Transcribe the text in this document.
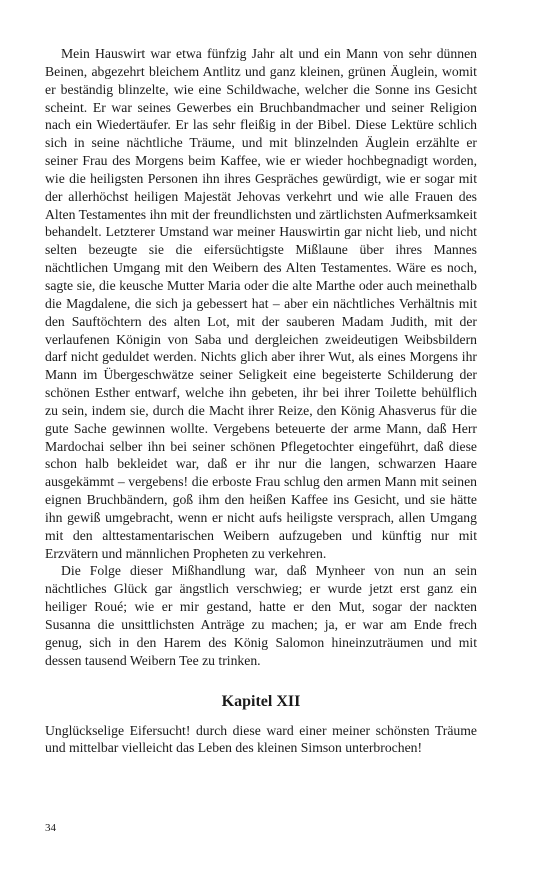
Mein Hauswirt war etwa fünfzig Jahr alt und ein Mann von sehr dünnen Beinen, abgezehrt bleichem Antlitz und ganz kleinen, grünen Äuglein, womit er beständig blinzelte, wie eine Schildwache, welcher die Sonne ins Gesicht scheint. Er war seines Gewerbes ein Bruchbandmacher und seiner Religion nach ein Wiedertäufer. Er las sehr fleißig in der Bibel. Diese Lektüre schlich sich in seine nächtliche Träume, und mit blinzelnden Äuglein erzählte er seiner Frau des Morgens beim Kaffee, wie er wieder hochbegnadigt worden, wie die heiligsten Personen ihn ihres Gespräches gewürdigt, wie er sogar mit der allerhöchst heiligen Majestät Jehovas verkehrt und wie alle Frauen des Alten Testamentes ihn mit der freundlichsten und zärtlichsten Aufmerksamkeit behandelt. Letzterer Umstand war meiner Hauswirtin gar nicht lieb, und nicht selten bezeugte sie die eifersüchtigste Mißlaune über ihres Mannes nächtlichen Umgang mit den Weibern des Alten Testamentes. Wäre es noch, sagte sie, die keusche Mutter Maria oder die alte Marthe oder auch meinethalb die Magdalene, die sich ja gebessert hat – aber ein nächtliches Verhältnis mit den Sauftöchtern des alten Lot, mit der sauberen Madam Judith, mit der verlaufenen Königin von Saba und dergleichen zweideutigen Weibsbildern darf nicht geduldet werden. Nichts glich aber ihrer Wut, als eines Morgens ihr Mann im Übergeschwätze seiner Seligkeit eine begeisterte Schilderung der schönen Esther entwarf, welche ihn gebeten, ihr bei ihrer Toilette behülflich zu sein, indem sie, durch die Macht ihrer Reize, den König Ahasverus für die gute Sache gewinnen wollte. Vergebens beteuerte der arme Mann, daß Herr Mardochai selber ihn bei seiner schönen Pflegetochter eingeführt, daß diese schon halb bekleidet war, daß er ihr nur die langen, schwarzen Haare ausgekämmt – vergebens! die erboste Frau schlug den armen Mann mit seinen eignen Bruchbändern, goß ihm den heißen Kaffee ins Gesicht, und sie hätte ihn gewiß umgebracht, wenn er nicht aufs heiligste versprach, allen Umgang mit den alttestamentarischen Weibern aufzugeben und künftig nur mit Erzvätern und männlichen Propheten zu verkehren.

Die Folge dieser Mißhandlung war, daß Mynheer von nun an sein nächtliches Glück gar ängstlich verschwieg; er wurde jetzt erst ganz ein heiliger Roué; wie er mir gestand, hatte er den Mut, sogar der nackten Susanna die unsittlichsten Anträge zu machen; ja, er war am Ende frech genug, sich in den Harem des König Salomon hineinzuträumen und mit dessen tausend Weibern Tee zu trinken.

Kapitel XII

Unglückselige Eifersucht! durch diese ward einer meiner schönsten Träume und mittelbar vielleicht das Leben des kleinen Simson unterbrochen!

34
